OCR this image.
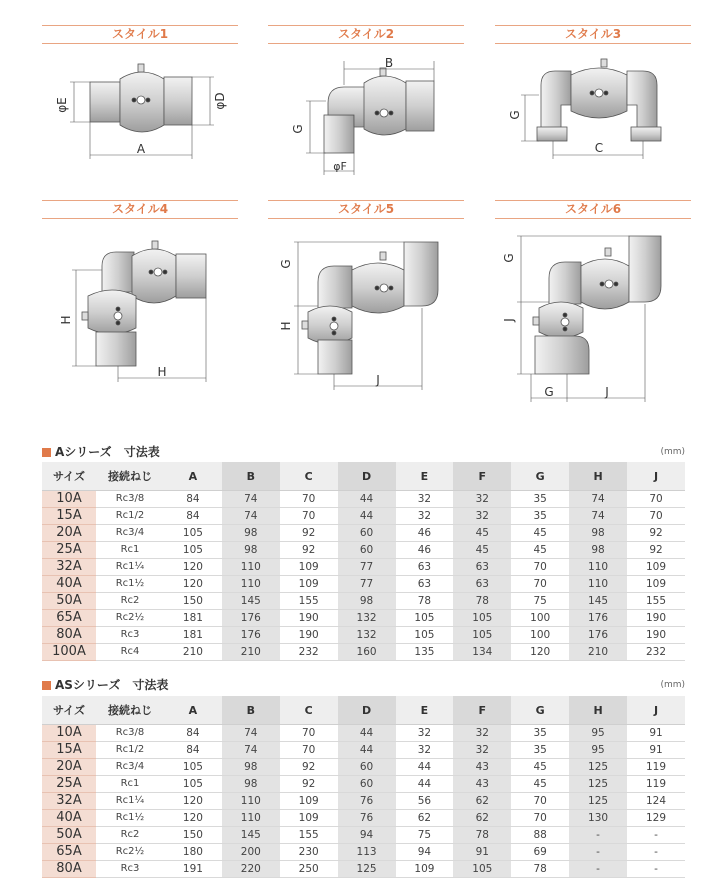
スタイル1	スタイル2	スタイル3
スタイル4	スタイル5	スタイル6
φE	φD
A
B
G
φF
G
C
H
H
G
H
J
G
J
G	J
Aシリーズ　寸法表	(mm)
サイズ	接続ねじ	A	B	C	D	E	F	G	H	J
10A	Rc3/8	84	74	70	44	32	32	35	74	70
15A	Rc1/2	84	74	70	44	32	32	35	74	70
20A	Rc3/4	105	98	92	60	46	45	45	98	92
25A	Rc1	105	98	92	60	46	45	45	98	92
32A	Rc1¼	120	110	109	77	63	63	70	110	109
40A	Rc1½	120	110	109	77	63	63	70	110	109
50A	Rc2	150	145	155	98	78	78	75	145	155
65A	Rc2½	181	176	190	132	105	105	100	176	190
80A	Rc3	181	176	190	132	105	105	100	176	190
100A	Rc4	210	210	232	160	135	134	120	210	232
ASシリーズ　寸法表	(mm)
サイズ	接続ねじ	A	B	C	D	E	F	G	H	J
10A	Rc3/8	84	74	70	44	32	32	35	95	91
15A	Rc1/2	84	74	70	44	32	32	35	95	91
20A	Rc3/4	105	98	92	60	44	43	45	125	119
25A	Rc1	105	98	92	60	44	43	45	125	119
32A	Rc1¼	120	110	109	76	56	62	70	125	124
40A	Rc1½	120	110	109	76	62	62	70	130	129
50A	Rc2	150	145	155	94	75	78	88	-	-
65A	Rc2½	180	200	230	113	94	91	69	-	-
80A	Rc3	191	220	250	125	109	105	78	-	-
